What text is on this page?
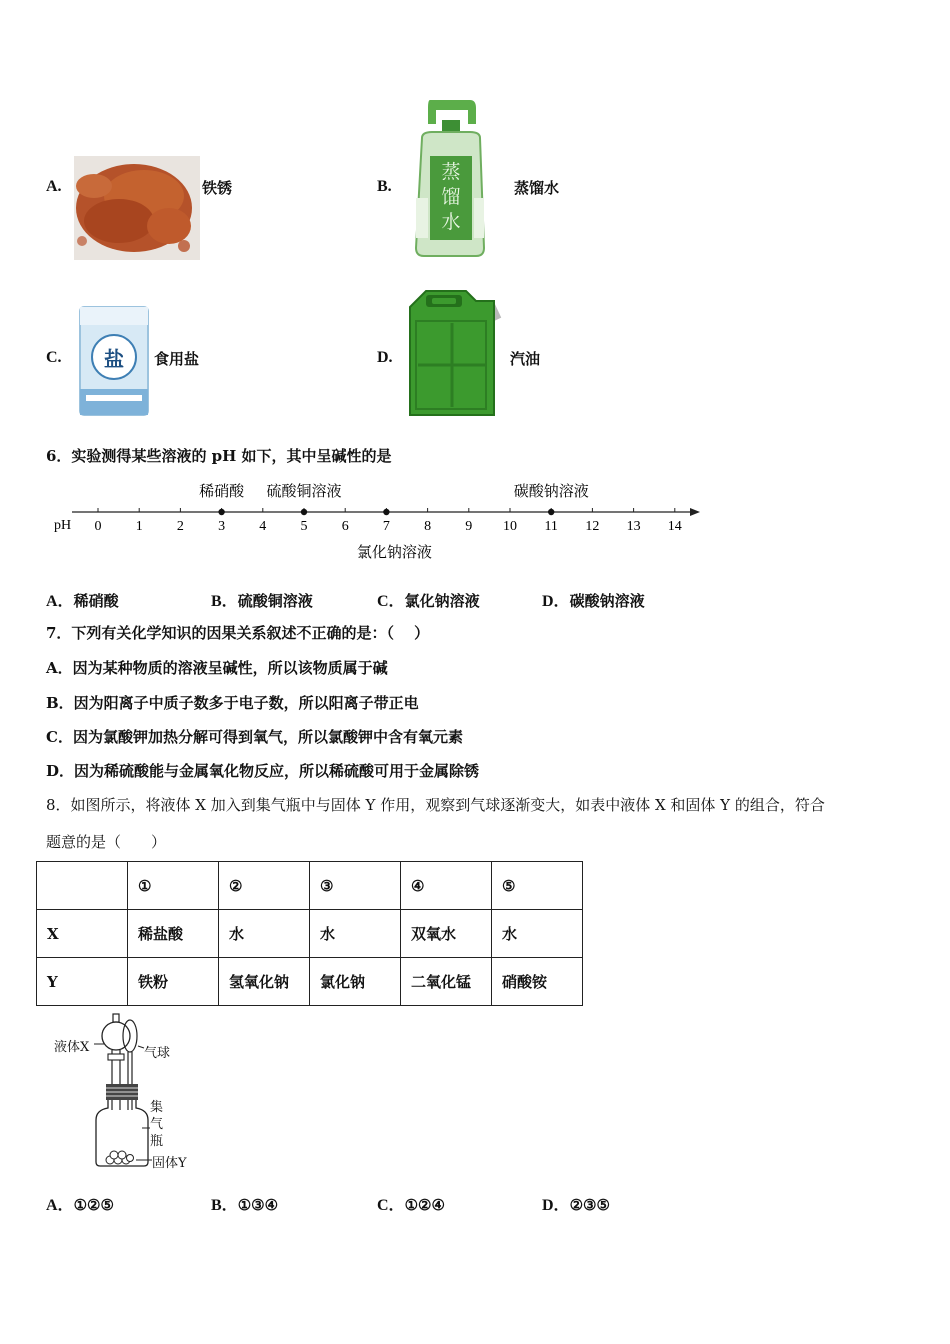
A.	铁锈	B.
蒸馏水
蒸馏水
C. 盐 食用盐	D.	汽油
6．实验测得某些溶液的 pH 如下，其中呈碱性的是
pH 0 1 2 3 4 5 6 7 8 9 10 11 12 13 14
稀硝酸 硫酸铜溶液	碳酸钠溶液
氯化钠溶液
A．稀硝酸	B．硫酸铜溶液	C．氯化钠溶液	D．碳酸钠溶液
7．下列有关化学知识的因果关系叙述不正确的是：（　 ）
A．因为某种物质的溶液呈碱性，所以该物质属于碱
B．因为阳离子中质子数多于电子数，所以阳离子带正电
C．因为氯酸钾加热分解可得到氧气，所以氯酸钾中含有氧元素
D．因为稀硫酸能与金属氧化物反应，所以稀硫酸可用于金属除锈
8．如图所示，将液体 X 加入到集气瓶中与固体 Y 作用，观察到气球逐渐变大，如表中液体 X 和固体 Y 的组合，符合
题意的是（　　）
	①	②	③	④	⑤
X	稀盐酸	水	水	双氧水	水
Y	铁粉	氢氧化钠	氯化钠	二氧化锰	硝酸铵
液体X	气球
集
气
瓶
固体Y
A．①②⑤	B．①③④	C．①②④	D．②③⑤
